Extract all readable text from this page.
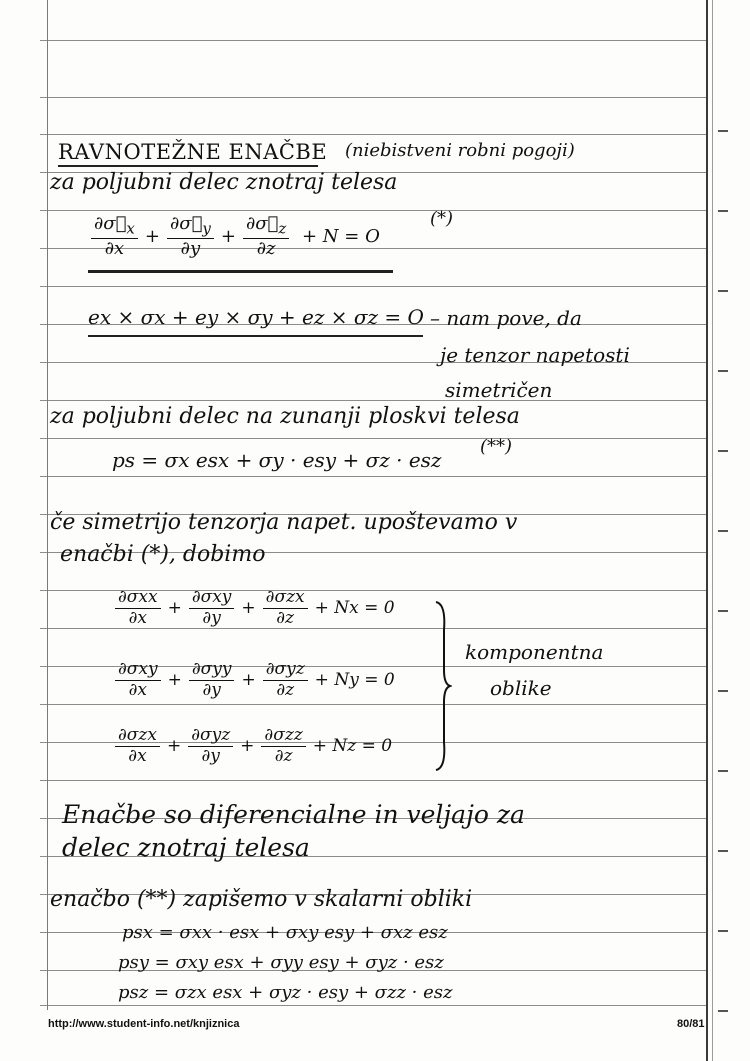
RAVNOTEŽNE ENAČBE (niebistveni robni pogoji)
za poljubni delec znotraj telesa
$\frac{\partial\sigma⃗_x}{\partial x} + \frac{\partial\sigma⃗_y}{\partial y} + \frac{\partial\sigma⃗_z}{\partial z} + N = O$
(*)
ex × σx + ey × σy + ez × σz = O – nam pove, da
je tenzor napetosti
simetričen
za poljubni delec na zunanji ploskvi telesa
ps = σx esx + σy · esy + σz · esz
(**)
če simetrijo tenzorja napet. upoštevamo v
enačbi (*), dobimo
$\frac{\text{∂σxx}}{\partial x} + \frac{\text{∂σxy}}{\partial y} + \frac{\text{∂σzx}}{\partial z} + Nx = 0$
$\frac{\text{∂σxy}}{\partial x} + \frac{\text{∂σyy}}{\partial y} + \frac{\text{∂σyz}}{\partial z} + Ny = 0$
$\frac{\text{∂σzx}}{\partial x} + \frac{\text{∂σyz}}{\partial y} + \frac{\text{∂σzz}}{\partial z} + Nz = 0$
komponentna
oblike
Enačbe so diferencialne in veljajo za
delec znotraj telesa
enačbo (**) zapišemo v skalarni obliki
psx = σxx · esx + σxy esy + σxz esz
psy = σxy esx + σyy esy + σyz · esz
psz = σzx esx + σyz · esy + σzz · esz
http://www.student-info.net/knjiznica	80/81
